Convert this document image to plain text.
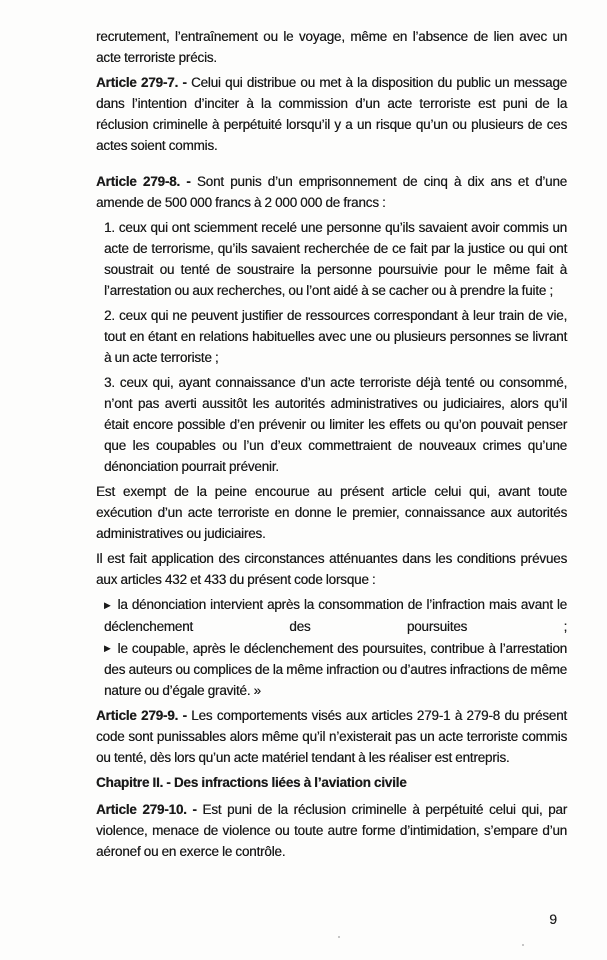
recrutement, l’entraînement ou le voyage, même en l’absence de lien avec un acte terroriste précis.

Article 279-7. - Celui qui distribue ou met à la disposition du public un message dans l’intention d’inciter à la commission d’un acte terroriste est puni de la réclusion criminelle à perpétuité lorsqu’il y a un risque qu’un ou plusieurs de ces actes soient commis.

Article 279-8. - Sont punis d’un emprisonnement de cinq à dix ans et d’une amende de 500 000 francs à 2 000 000 de francs :

1. ceux qui ont sciemment recelé une personne qu’ils savaient avoir commis un acte de terrorisme, qu’ils savaient recherchée de ce fait par la justice ou qui ont soustrait ou tenté de soustraire la personne poursuivie pour le même fait à l’arrestation ou aux recherches, ou l’ont aidé à se cacher ou à prendre la fuite ;

2. ceux qui ne peuvent justifier de ressources correspondant à leur train de vie, tout en étant en relations habituelles avec une ou plusieurs personnes se livrant à un acte terroriste ;

3. ceux qui, ayant connaissance d’un acte terroriste déjà tenté ou consommé, n’ont pas averti aussitôt les autorités administratives ou judiciaires, alors qu’il était encore possible d’en prévenir ou limiter les effets ou qu’on pouvait penser que les coupables ou l’un d’eux commettraient de nouveaux crimes qu’une dénonciation pourrait prévenir.

Est exempt de la peine encourue au présent article celui qui, avant toute exécution d’un acte terroriste en donne le premier, connaissance aux autorités administratives ou judiciaires.

Il est fait application des circonstances atténuantes dans les conditions prévues aux articles 432 et 433 du présent code lorsque :

▶ la dénonciation intervient après la consommation de l’infraction mais avant le déclenchement des poursuites ;

▶ le coupable, après le déclenchement des poursuites, contribue à l’arrestation des auteurs ou complices de la même infraction ou d’autres infractions de même nature ou d’égale gravité. »

Article 279-9. - Les comportements visés aux articles 279-1 à 279-8 du présent code sont punissables alors même qu’il n’existerait pas un acte terroriste commis ou tenté, dès lors qu’un acte matériel tendant à les réaliser est entrepris.

Chapitre II. - Des infractions liées à l’aviation civile

Article 279-10. - Est puni de la réclusion criminelle à perpétuité celui qui, par violence, menace de violence ou toute autre forme d’intimidation, s’empare d’un aéronef ou en exerce le contrôle.

9
